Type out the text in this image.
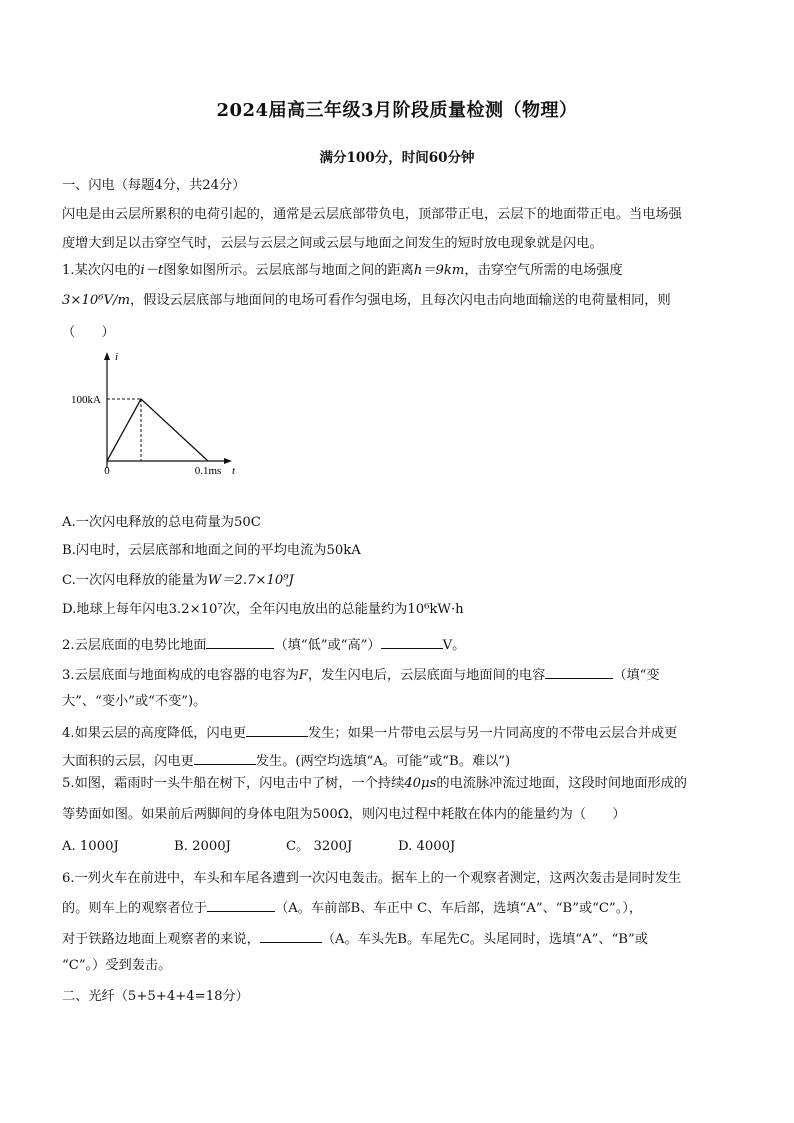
2024届高三年级3月阶段质量检测（物理）
满分100分，时间60分钟
一、闪电（每题4分，共24分）
闪电是由云层所累积的电荷引起的，通常是云层底部带负电，顶部带正电，云层下的地面带正电。当电场强
度增大到足以击穿空气时，云层与云层之间或云层与地面之间发生的短时放电现象就是闪电。
1.某次闪电的i－t图象如图所示。云层底部与地面之间的距离h＝9km，击穿空气所需的电场强度
3×10⁶V/m，假设云层底部与地面间的电场可看作匀强电场，且每次闪电击向地面输送的电荷量相同，则
（　　）
i
t
100kA
0.1ms
0
A.一次闪电释放的总电荷量为50C
B.闪电时，云层底部和地面之间的平均电流为50kA
C.一次闪电释放的能量为W＝2.7×10⁹J
D.地球上每年闪电3.2×10⁷次，全年闪电放出的总能量约为10⁶kW·h
2.云层底面的电势比地面	（填“低”或“高”）	V。
3.云层底面与地面构成的电容器的电容为F，发生闪电后，云层底面与地面间的电容	（填“变
大”、“变小”或“不变”)。
4.如果云层的高度降低，闪电更	发生；如果一片带电云层与另一片同高度的不带电云层合并成更
大面积的云层，闪电更	发生。(两空均选填“A。可能”或“B。难以”)
5.如图，霜雨时一头牛船在树下，闪电击中了树，一个持续40μs的电流脉冲流过地面，这段时间地面形成的
等势面如图。如果前后两脚间的身体电阻为500Ω，则闪电过程中耗散在体内的能量约为（　　）
A. 1000J	B. 2000J	C。 3200J	D. 4000J
6.一列火车在前进中，车头和车尾各遭到一次闪电轰击。据车上的一个观察者测定，这两次轰击是同时发生
的。则车上的观察者位于	（A。车前部B、车正中 C、车后部，选填“A”、“B”或“C”。），
对于铁路边地面上观察者的来说，	（A。车头先B。车尾先C。头尾同时，选填“A”、“B”或
“C”。）受到轰击。
二、光纤（5+5+4+4=18分）
